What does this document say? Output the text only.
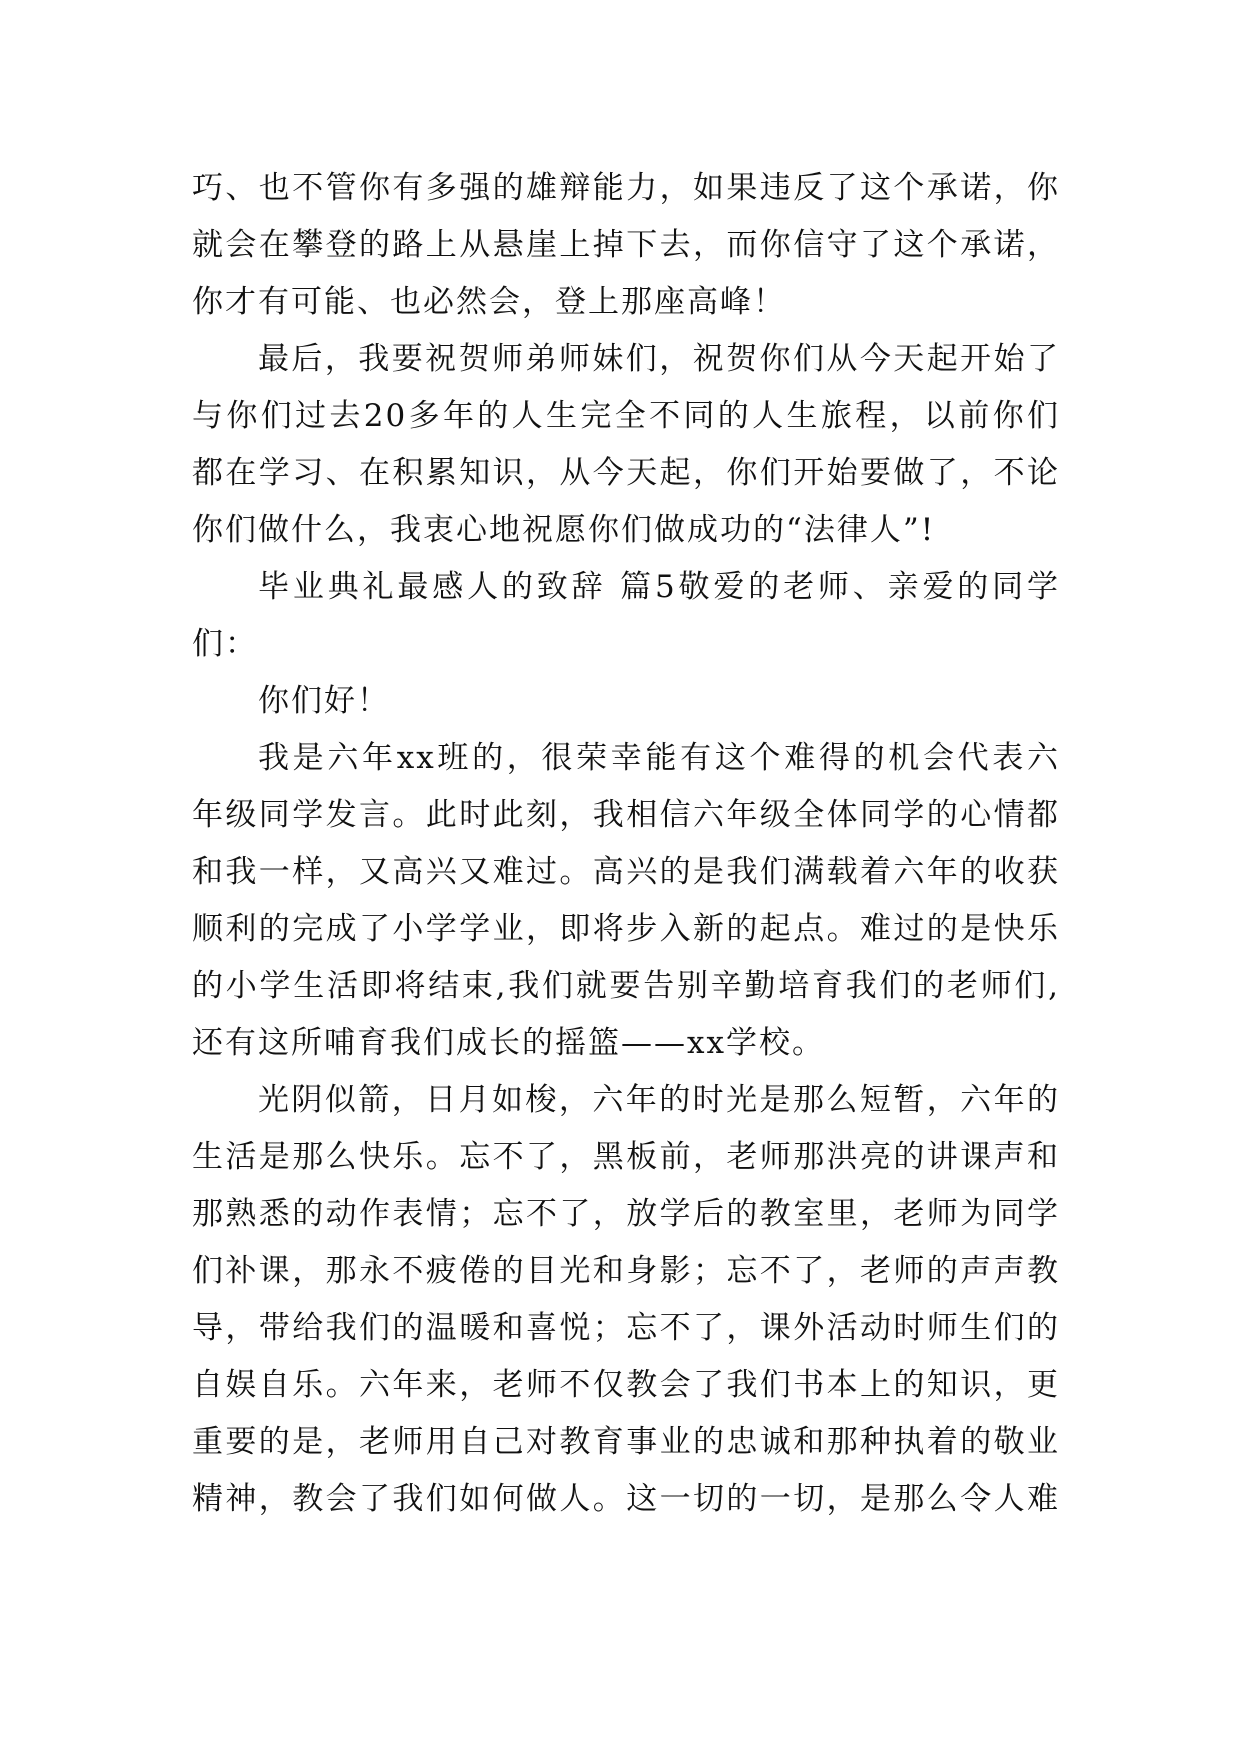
巧、也不管你有多强的雄辩能力，如果违反了这个承诺，你
就会在攀登的路上从悬崖上掉下去，而你信守了这个承诺，
你才有可能、也必然会，登上那座高峰！
最后，我要祝贺师弟师妹们，祝贺你们从今天起开始了
与你们过去20多年的人生完全不同的人生旅程，以前你们
都在学习、在积累知识，从今天起，你们开始要做了，不论
你们做什么，我衷心地祝愿你们做成功的“法律人”!
毕业典礼最感人的致辞 篇5敬爱的老师、亲爱的同学
们：
你们好！
我是六年xx班的，很荣幸能有这个难得的机会代表六
年级同学发言。此时此刻，我相信六年级全体同学的心情都
和我一样，又高兴又难过。高兴的是我们满载着六年的收获
顺利的完成了小学学业，即将步入新的起点。难过的是快乐
的小学生活即将结束,我们就要告别辛勤培育我们的老师们,
还有这所哺育我们成长的摇篮——xx学校。
光阴似箭，日月如梭，六年的时光是那么短暂，六年的
生活是那么快乐。忘不了，黑板前，老师那洪亮的讲课声和
那熟悉的动作表情；忘不了，放学后的教室里，老师为同学
们补课，那永不疲倦的目光和身影；忘不了，老师的声声教
导，带给我们的温暖和喜悦；忘不了，课外活动时师生们的
自娱自乐。六年来，老师不仅教会了我们书本上的知识，更
重要的是，老师用自己对教育事业的忠诚和那种执着的敬业
精神，教会了我们如何做人。这一切的一切，是那么令人难
